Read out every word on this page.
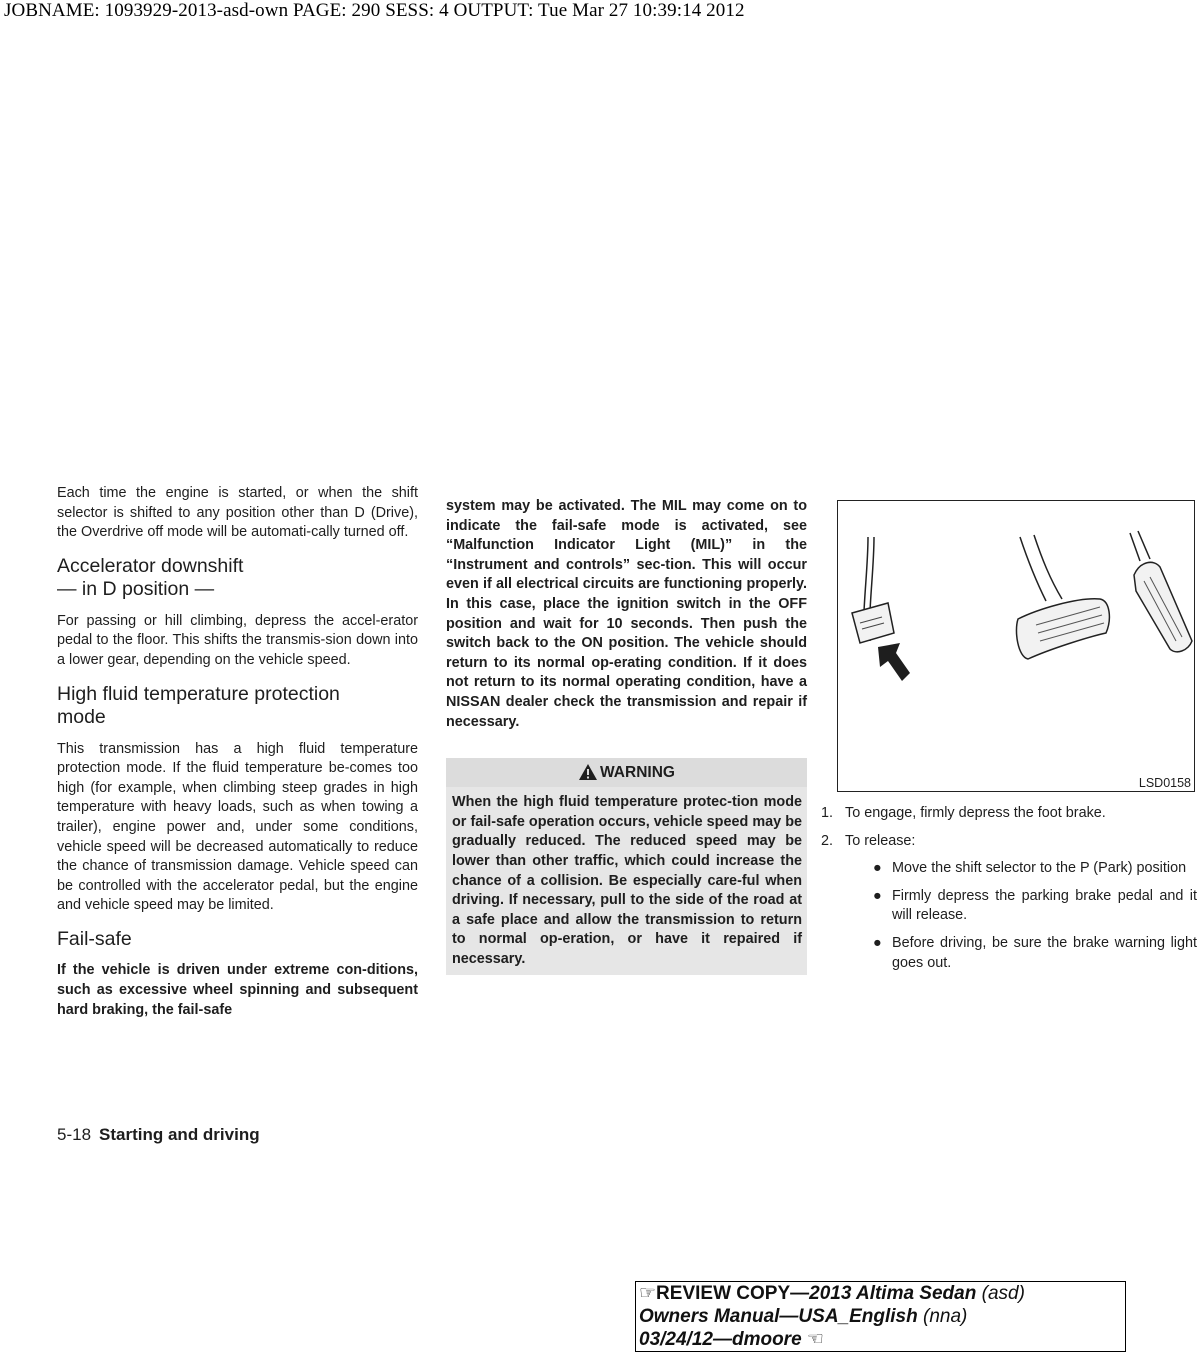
JOBNAME: 1093929-2013-asd-own PAGE: 290 SESS: 4 OUTPUT: Tue Mar 27 10:39:14 2012

Each time the engine is started, or when the shift selector is shifted to any position other than D (Drive), the Overdrive off mode will be automati-cally turned off.

Accelerator downshift
— in D position —

For passing or hill climbing, depress the accel-erator pedal to the floor. This shifts the transmis-sion down into a lower gear, depending on the vehicle speed.

High fluid temperature protection mode

This transmission has a high fluid temperature protection mode. If the fluid temperature be-comes too high (for example, when climbing steep grades in high temperature with heavy loads, such as when towing a trailer), engine power and, under some conditions, vehicle speed will be decreased automatically to reduce the chance of transmission damage. Vehicle speed can be controlled with the accelerator pedal, but the engine and vehicle speed may be limited.

Fail-safe

If the vehicle is driven under extreme con-ditions, such as excessive wheel spinning and subsequent hard braking, the fail-safe

system may be activated. The MIL may come on to indicate the fail-safe mode is activated, see “Malfunction Indicator Light (MIL)” in the “Instrument and controls” sec-tion. This will occur even if all electrical circuits are functioning properly. In this case, place the ignition switch in the OFF position and wait for 10 seconds. Then push the switch back to the ON position. The vehicle should return to its normal op-erating condition. If it does not return to its normal operating condition, have a NISSAN dealer check the transmission and repair if necessary.

WARNING
When the high fluid temperature protec-tion mode or fail-safe operation occurs, vehicle speed may be gradually reduced. The reduced speed may be lower than other traffic, which could increase the chance of a collision. Be especially care-ful when driving. If necessary, pull to the side of the road at a safe place and allow the transmission to return to normal op-eration, or have it repaired if necessary.
LSD0158
1. To engage, firmly depress the foot brake.
2. To release:
● Move the shift selector to the P (Park) position
● Firmly depress the parking brake pedal and it will release.
● Before driving, be sure the brake warning light goes out.
5-18 Starting and driving
☞REVIEW COPY—2013 Altima Sedan (asd)
Owners Manual—USA_English (nna)
03/24/12—dmoore ☜
